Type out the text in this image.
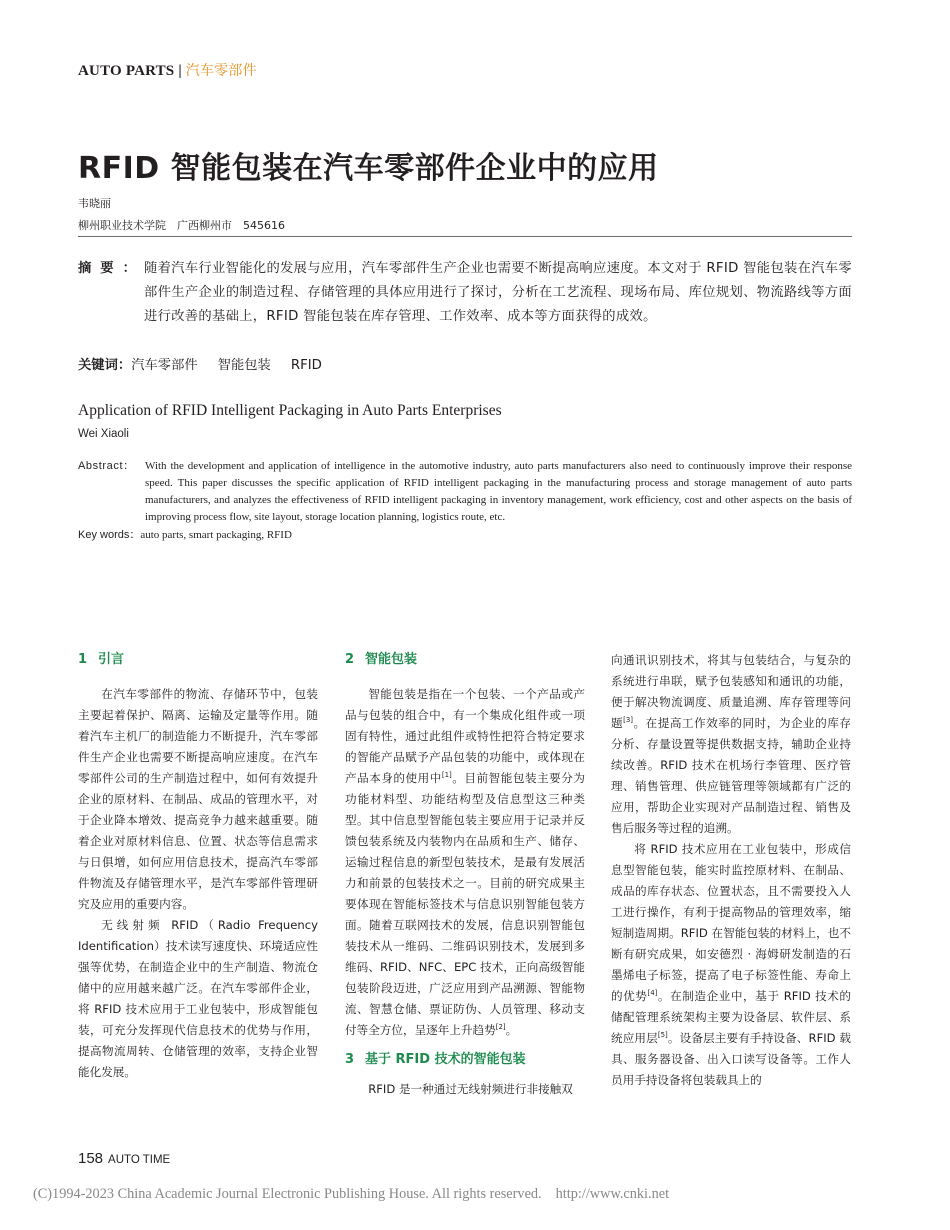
AUTO PARTS | 汽车零部件
RFID 智能包装在汽车零部件企业中的应用
韦晓丽
柳州职业技术学院　广西柳州市　545616
摘要： 随着汽车行业智能化的发展与应用，汽车零部件生产企业也需要不断提高响应速度。本文对于 RFID 智能包装在汽车零部件生产企业的制造过程、存储管理的具体应用进行了探讨，分析在工艺流程、现场布局、库位规划、物流路线等方面进行改善的基础上，RFID 智能包装在库存管理、工作效率、成本等方面获得的成效。
关键词：汽车零部件 智能包装 RFID
Application of RFID Intelligent Packaging in Auto Parts Enterprises
Wei Xiaoli
Abstract： With the development and application of intelligence in the automotive industry, auto parts manufacturers also need to continuously improve their response speed. This paper discusses the specific application of RFID intelligent packaging in the manufacturing process and storage management of auto parts manufacturers, and analyzes the effectiveness of RFID intelligent packaging in inventory management, work efficiency, cost and other aspects on the basis of improving process flow, site layout, storage location planning, logistics route, etc.
Key words：auto parts, smart packaging, RFID
1 引言

在汽车零部件的物流、存储环节中，包装主要起着保护、隔离、运输及定量等作用。随着汽车主机厂的制造能力不断提升，汽车零部件生产企业也需要不断提高响应速度。在汽车零部件公司的生产制造过程中，如何有效提升企业的原材料、在制品、成品的管理水平，对于企业降本增效、提高竞争力越来越重要。随着企业对原材料信息、位置、状态等信息需求与日俱增，如何应用信息技术，提高汽车零部件物流及存储管理水平，是汽车零部件管理研究及应用的重要内容。

无线射频 RFID（Radio Frequency Identification）技术读写速度快、环境适应性强等优势，在制造企业中的生产制造、物流仓储中的应用越来越广泛。在汽车零部件企业，将 RFID 技术应用于工业包装中，形成智能包装，可充分发挥现代信息技术的优势与作用，提高物流周转、仓储管理的效率，支持企业智能化发展。

2 智能包装

智能包装是指在一个包装、一个产品或产品与包装的组合中，有一个集成化组件或一项固有特性，通过此组件或特性把符合特定要求的智能产品赋予产品包装的功能中，或体现在产品本身的使用中[1]。目前智能包装主要分为功能材料型、功能结构型及信息型这三种类型。其中信息型智能包装主要应用于记录并反馈包装系统及内装物内在品质和生产、储存、运输过程信息的新型包装技术，是最有发展活力和前景的包装技术之一。目前的研究成果主要体现在智能标签技术与信息识别智能包装方面。随着互联网技术的发展，信息识别智能包装技术从一维码、二维码识别技术，发展到多维码、RFID、NFC、EPC 技术，正向高级智能包装阶段迈进，广泛应用到产品溯源、智能物流、智慧仓储、票证防伪、人员管理、移动支付等全方位，呈逐年上升趋势[2]。

3 基于 RFID 技术的智能包装

RFID 是一种通过无线射频进行非接触双

向通讯识别技术，将其与包装结合，与复杂的系统进行串联，赋予包装感知和通讯的功能，便于解决物流调度、质量追溯、库存管理等问题[3]。在提高工作效率的同时，为企业的库存分析、存量设置等提供数据支持，辅助企业持续改善。RFID 技术在机场行李管理、医疗管理、销售管理、供应链管理等领域都有广泛的应用，帮助企业实现对产品制造过程、销售及售后服务等过程的追溯。

将 RFID 技术应用在工业包装中，形成信息型智能包装，能实时监控原材料、在制品、成品的库存状态、位置状态，且不需要投入人工进行操作，有利于提高物品的管理效率，缩短制造周期。RFID 在智能包装的材料上，也不断有研究成果，如安德烈 · 海姆研发制造的石墨烯电子标签，提高了电子标签性能、寿命上的优势[4]。在制造企业中，基于 RFID 技术的储配管理系统架构主要为设备层、软件层、系统应用层[5]。设备层主要有手持设备、RFID 载具、服务器设备、出入口读写设备等。工作人员用手持设备将包装载具上的

158 AUTO TIME
(C)1994-2023 China Academic Journal Electronic Publishing House. All rights reserved. http://www.cnki.net
